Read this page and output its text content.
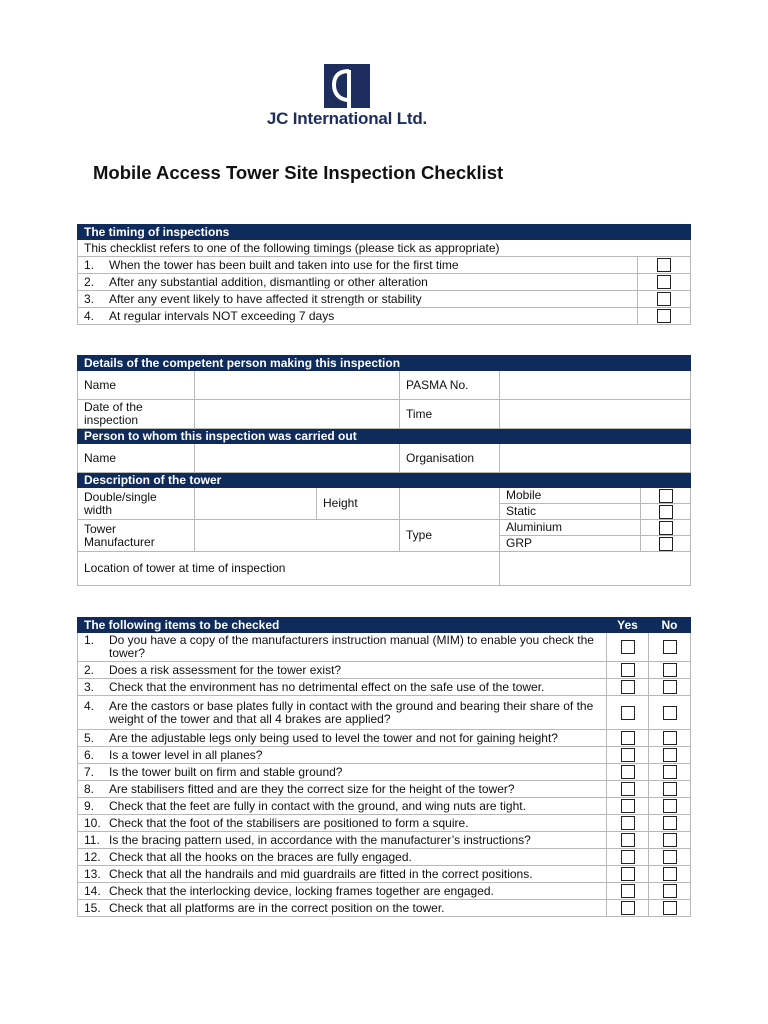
JC International Ltd.
Mobile Access Tower Site Inspection Checklist
The timing of inspections	
This checklist refers to one of the following timings (please tick as appropriate)	

1. When the tower has been built and taken into use for the first time	

2. After any substantial addition, dismantling or other alteration	

3. After any event likely to have affected it strength or stability	

4. At regular intervals NOT exceeding 7 days	

Details of the competent person making this inspection					
Name			PASMA No.		
Date of the inspection			Time		
Person to whom this inspection was carried out					
Name			Organisation		
Description of the tower					
Double/single width		Height		Mobile	
				Static	
Tower Manufacturer			Type	Aluminium	
				GRP	
Location of tower at time of inspection					
The following items to be checked	Yes	No

1. Do you have a copy of the manufacturers instruction manual (MIM) to enable you check the tower?		

2. Does a risk assessment for the tower exist?		

3. Check that the environment has no detrimental effect on the safe use of the tower.		

4. Are the castors or base plates fully in contact with the ground and bearing their share of the weight of the tower and that all 4 brakes are applied?		

5. Are the adjustable legs only being used to level the tower and not for gaining height?		

6. Is a tower level in all planes?		

7. Is the tower built on firm and stable ground?		

8. Are stabilisers fitted and are they the correct size for the height of the tower?		

9. Check that the feet are fully in contact with the ground, and wing nuts are tight.		

10. Check that the foot of the stabilisers are positioned to form a squire.		

11. Is the bracing pattern used, in accordance with the manufacturer’s instructions?		

12. Check that all the hooks on the braces are fully engaged.		

13. Check that all the handrails and mid guardrails are fitted in the correct positions.		

14. Check that the interlocking device, locking frames together are engaged.		

15. Check that all platforms are in the correct position on the tower.		
